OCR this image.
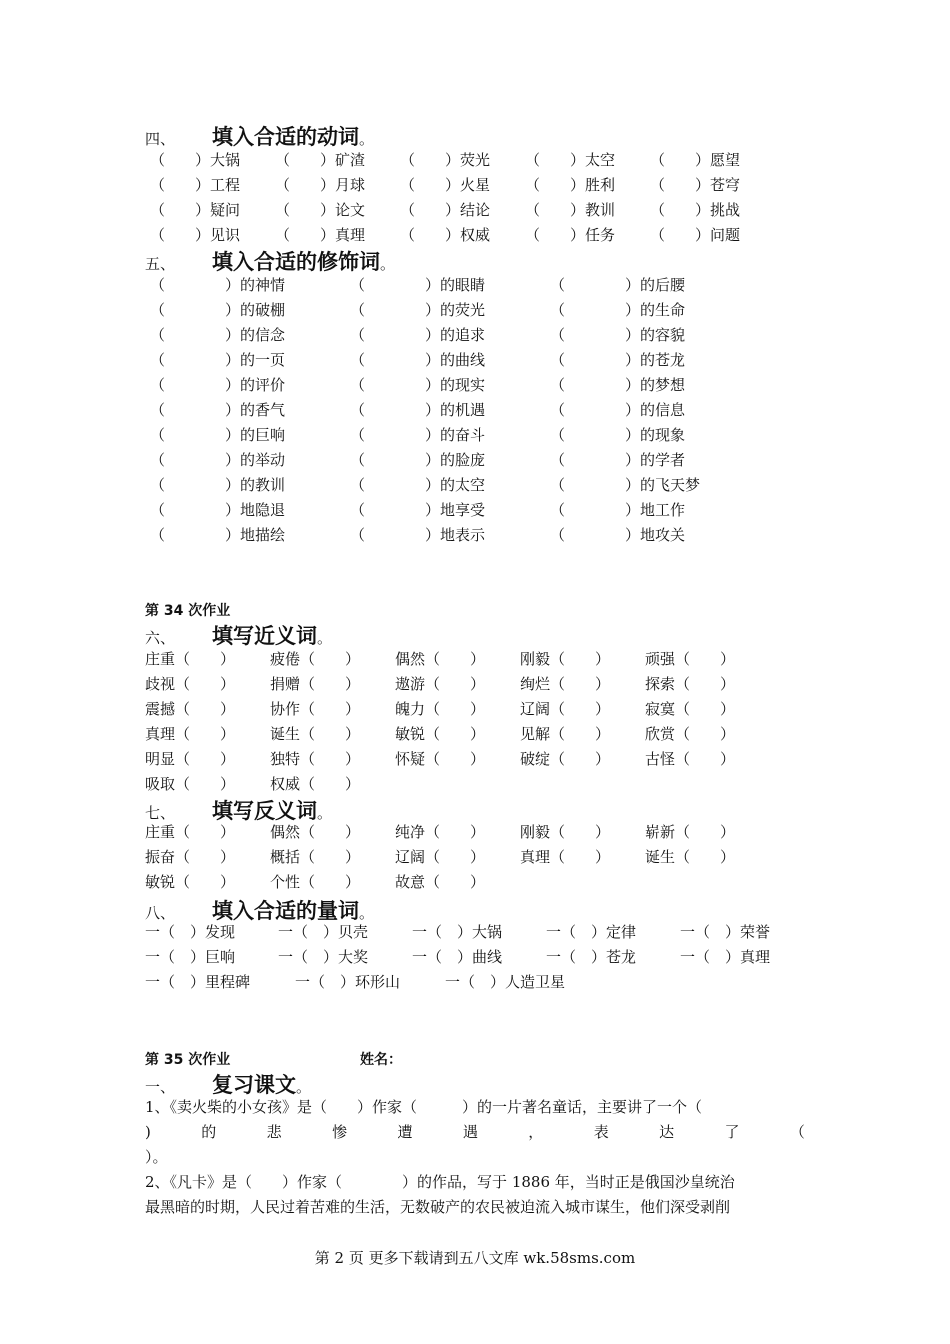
四、 填入合适的动词。
（　　）大锅 （　　）矿渣 （　　）荧光 （　　）太空 （　　）愿望
（　　）工程 （　　）月球 （　　）火星 （　　）胜利 （　　）苍穹
（　　）疑问 （　　）论文 （　　）结论 （　　）教训 （　　）挑战
（　　）见识 （　　）真理 （　　）权威 （　　）任务 （　　）问题
五、 填入合适的修饰词。
（　　　　）的神情	（　　　　）的眼睛	（　　　　）的后腰
（　　　　）的破棚	（　　　　）的荧光	（　　　　）的生命
（　　　　）的信念	（　　　　）的追求	（　　　　）的容貌
（　　　　）的一页	（　　　　）的曲线	（　　　　）的苍龙
（　　　　）的评价	（　　　　）的现实	（　　　　）的梦想
（　　　　）的香气	（　　　　）的机遇	（　　　　）的信息
（　　　　）的巨响	（　　　　）的奋斗	（　　　　）的现象
（　　　　）的举动	（　　　　）的脸庞	（　　　　）的学者
（　　　　）的教训	（　　　　）的太空	（　　　　）的飞天梦
（　　　　）地隐退	（　　　　）地享受	（　　　　）地工作
（　　　　）地描绘	（　　　　）地表示	（　　　　）地攻关
第 34 次作业
六、 填写近义词。
庄重（　　） 疲倦（　　） 偶然（　　） 刚毅（　　） 顽强（　　）
歧视（　　） 捐赠（　　） 遨游（　　） 绚烂（　　） 探索（　　）
震撼（　　） 协作（　　） 魄力（　　） 辽阔（　　） 寂寞（　　）
真理（　　） 诞生（　　） 敏锐（　　） 见解（　　） 欣赏（　　）
明显（　　） 独特（　　） 怀疑（　　） 破绽（　　） 古怪（　　）
吸取（　　） 权威（　　）
七、 填写反义词。
庄重（　　） 偶然（　　） 纯净（　　） 刚毅（　　） 崭新（　　）
振奋（　　） 概括（　　） 辽阔（　　） 真理（　　） 诞生（　　）
敏锐（　　） 个性（　　） 故意（　　）
八、 填入合适的量词。
一（　）发现	一（　）贝壳	一（　）大锅	一（　）定律	一（　）荣誉
一（　）巨响	一（　）大奖	一（　）曲线	一（　）苍龙	一（　）真理
一（　）里程碑	一（　）环形山	一（　）人造卫星
第 35 次作业	姓名：
一、 复习课文。
1、《卖火柴的小女孩》是（　　）作家（　　　）的一片著名童话，主要讲了一个（
)	的	悲	惨	遭	遇	，	表	达	了	（
）。
2、《凡卡》是（　　）作家（　　　　）的作品，写于 1886 年，当时正是俄国沙皇统治
最黑暗的时期，人民过着苦难的生活，无数破产的农民被迫流入城市谋生，他们深受剥削
第 2 页 更多下载请到五八文库 wk.58sms.com
